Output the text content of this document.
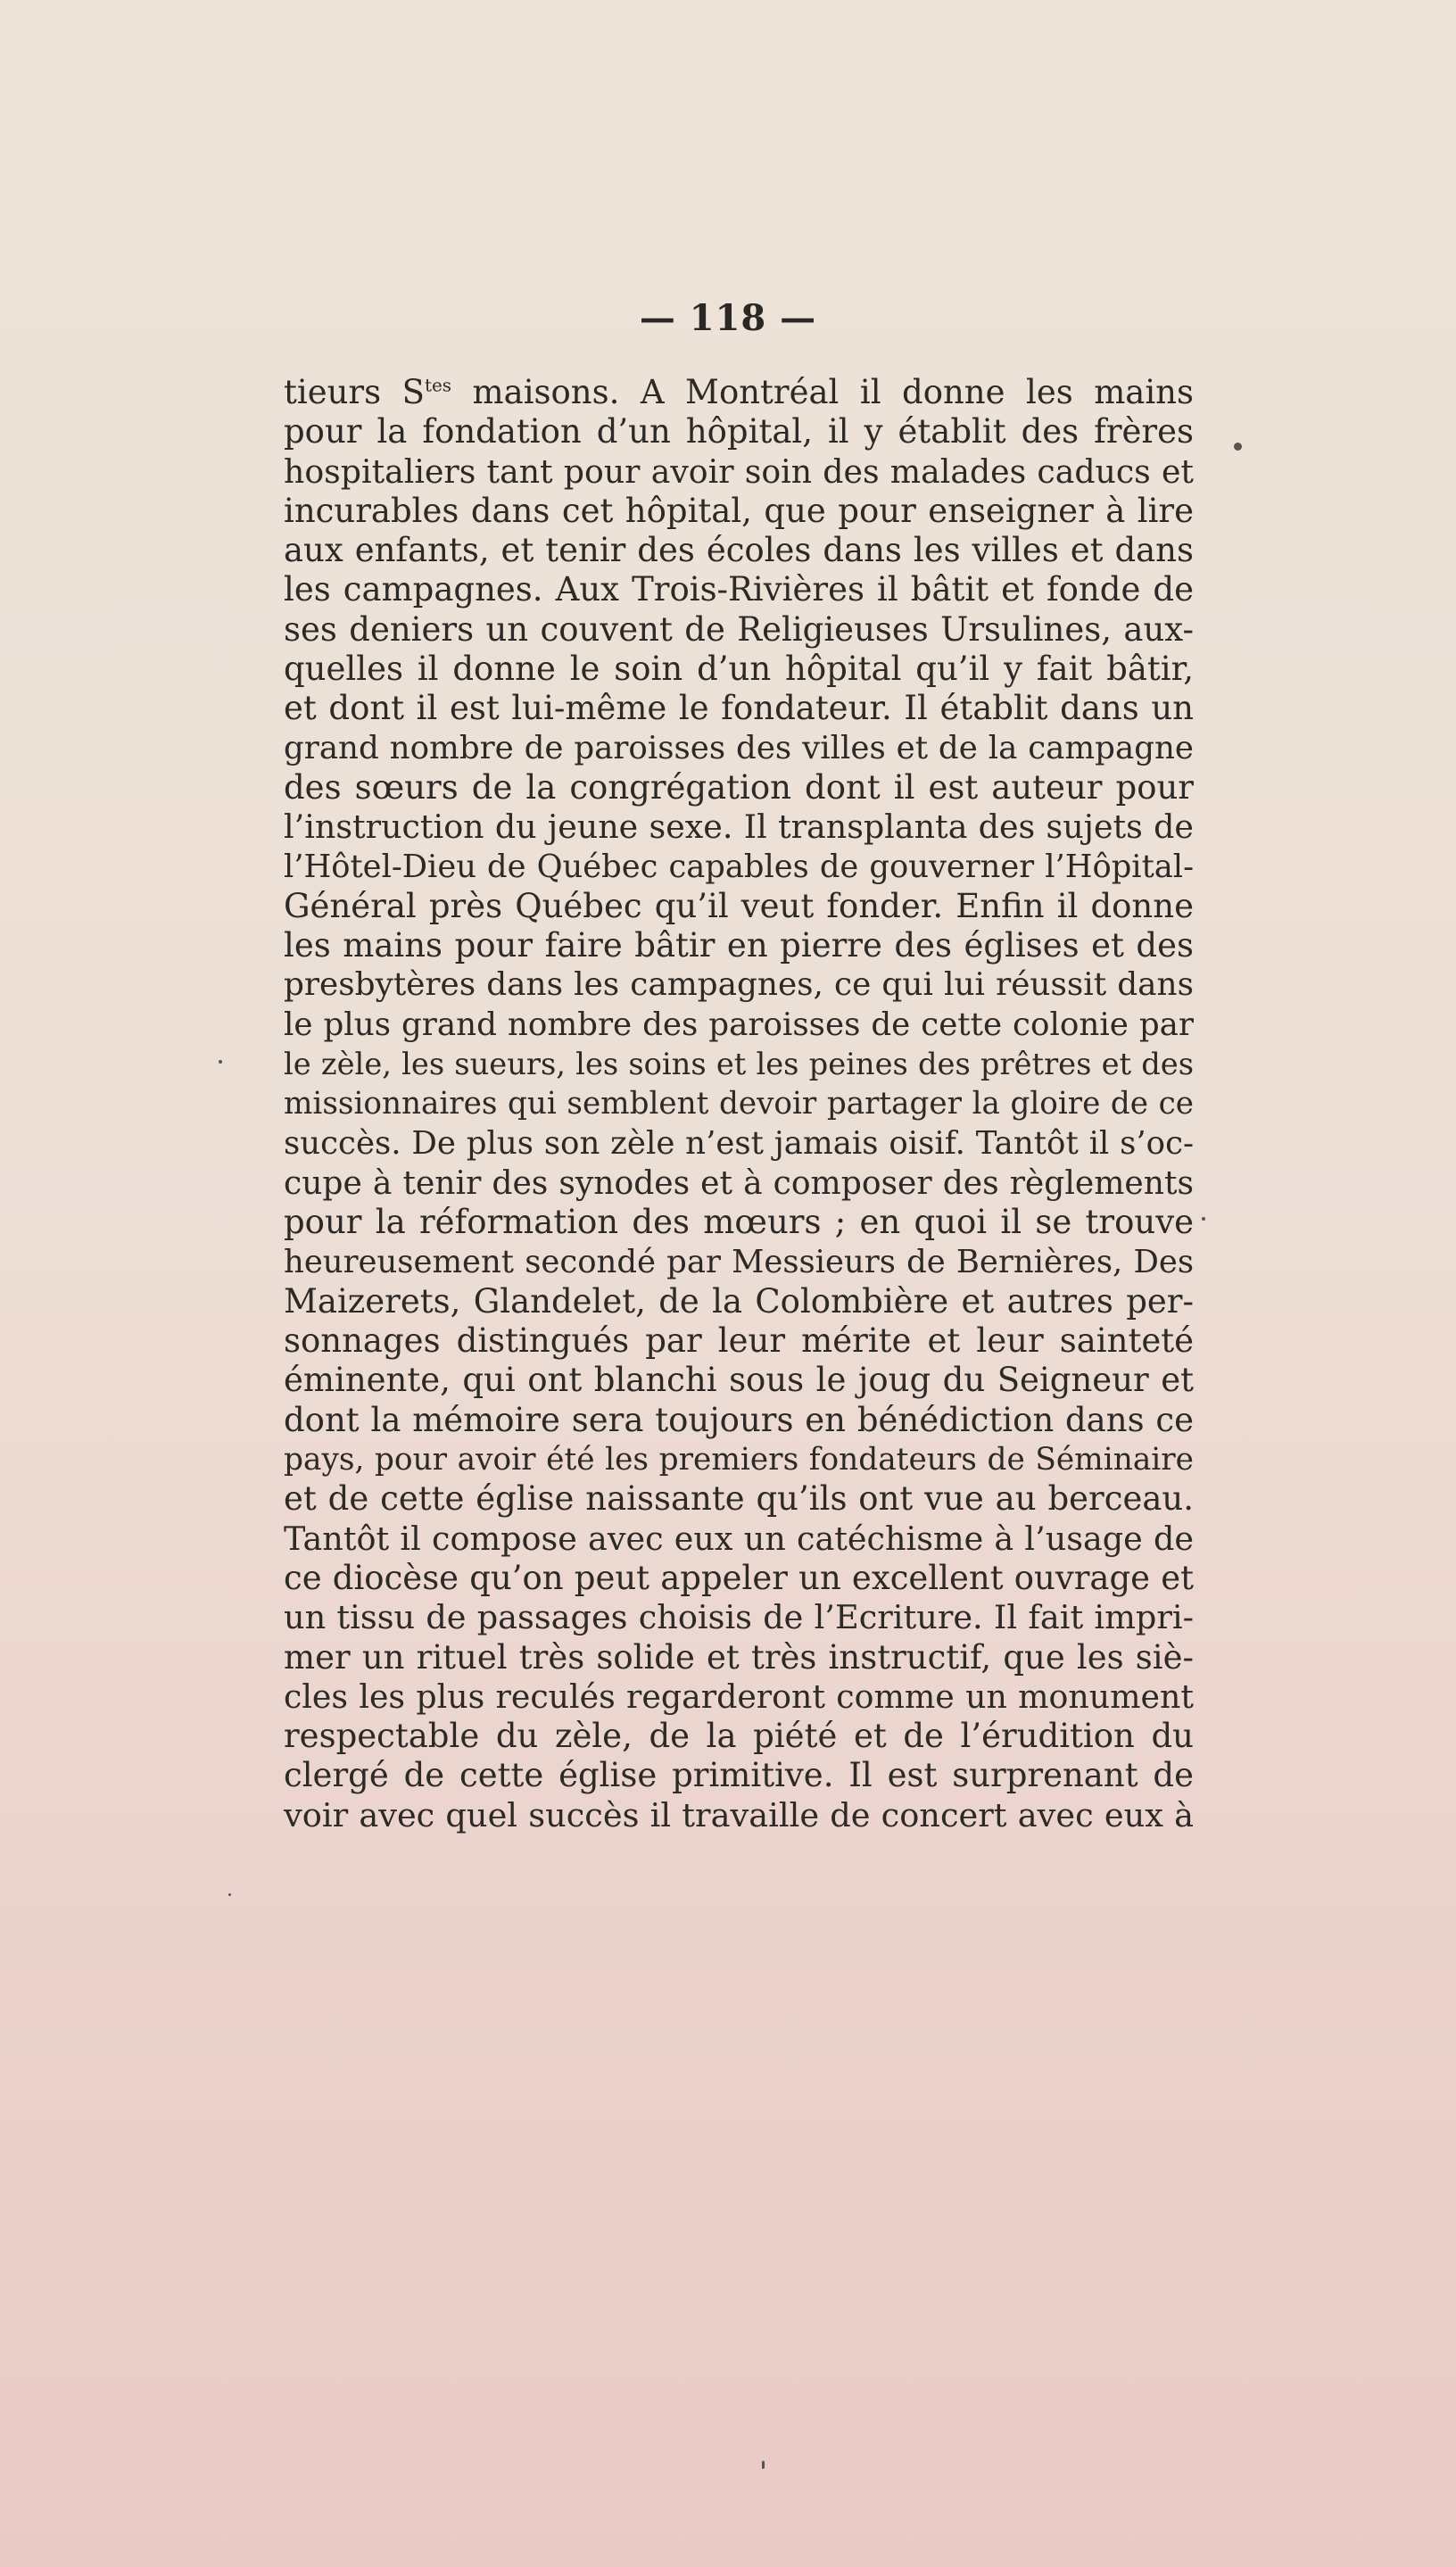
— 118 —
tieurs $S^{tes}$ maisons. A Montréal il donne les mains
pour la fondation d’un hôpital, il y établit des frères
hospitaliers tant pour avoir soin des malades caducs et
incurables dans cet hôpital, que pour enseigner à lire
aux enfants, et tenir des écoles dans les villes et dans
les campagnes. Aux Trois-Rivières il bâtit et fonde de
ses deniers un couvent de Religieuses Ursulines, aux-
quelles il donne le soin d’un hôpital qu’il y fait bâtir,
et dont il est lui-même le fondateur. Il établit dans un
grand nombre de paroisses des villes et de la campagne
des sœurs de la congrégation dont il est auteur pour
l’instruction du jeune sexe. Il transplanta des sujets de
l’Hôtel-Dieu de Québec capables de gouverner l’Hôpital-
Général près Québec qu’il veut fonder. Enfin il donne
les mains pour faire bâtir en pierre des églises et des
presbytères dans les campagnes, ce qui lui réussit dans
le plus grand nombre des paroisses de cette colonie par
le zèle, les sueurs, les soins et les peines des prêtres et des
missionnaires qui semblent devoir partager la gloire de ce
succès. De plus son zèle n’est jamais oisif. Tantôt il s’oc-
cupe à tenir des synodes et à composer des règlements
pour la réformation des mœurs ; en quoi il se trouve
heureusement secondé par Messieurs de Bernières, Des
Maizerets, Glandelet, de la Colombière et autres per-
sonnages distingués par leur mérite et leur sainteté
éminente, qui ont blanchi sous le joug du Seigneur et
dont la mémoire sera toujours en bénédiction dans ce
pays, pour avoir été les premiers fondateurs de Séminaire
et de cette église naissante qu’ils ont vue au berceau.
Tantôt il compose avec eux un catéchisme à l’usage de
ce diocèse qu’on peut appeler un excellent ouvrage et
un tissu de passages choisis de l’Ecriture. Il fait impri-
mer un rituel très solide et très instructif, que les siè-
cles les plus reculés regarderont comme un monument
respectable du zèle, de la piété et de l’érudition du
clergé de cette église primitive. Il est surprenant de
voir avec quel succès il travaille de concert avec eux à
